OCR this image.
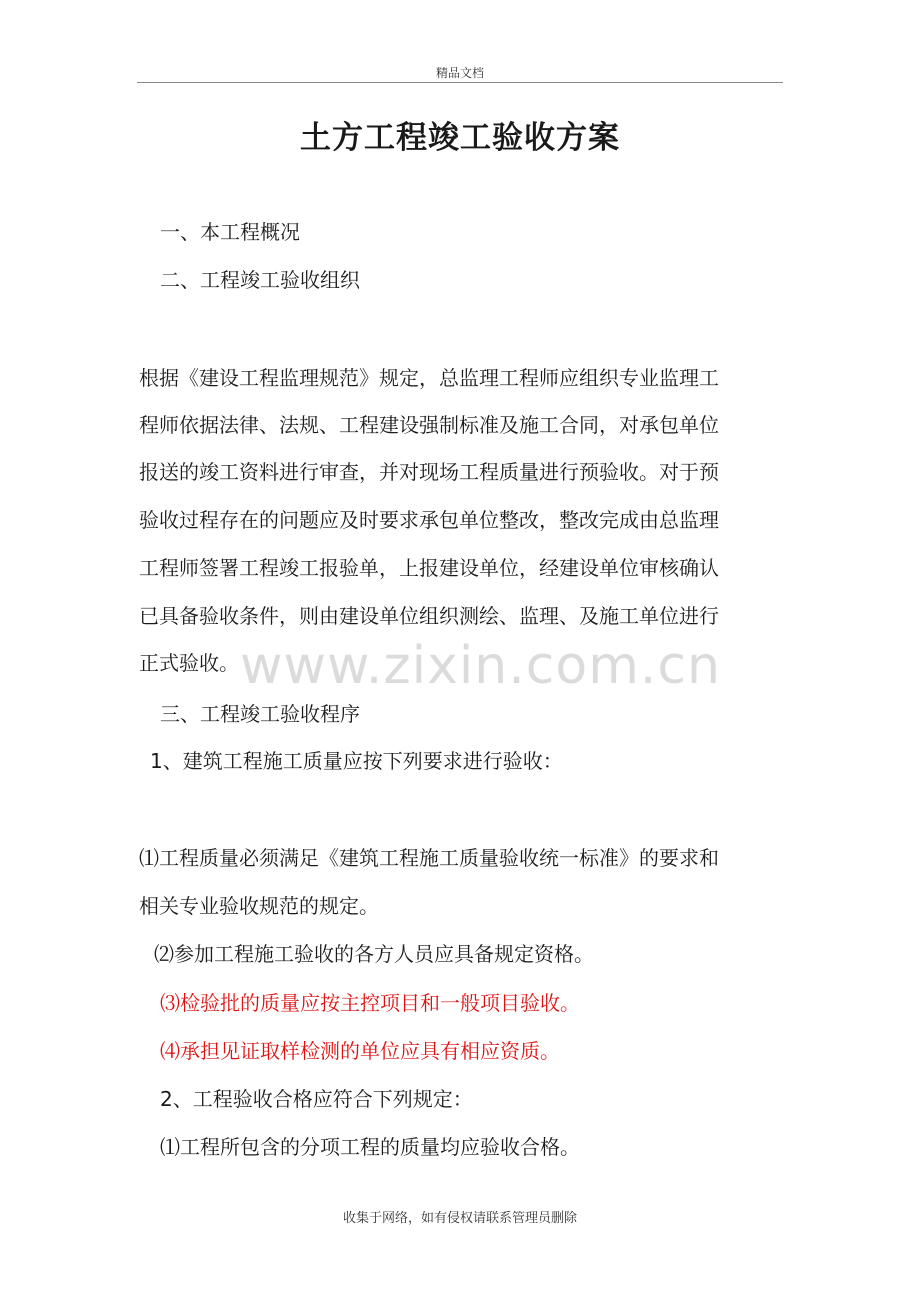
精品文档
土方工程竣工验收方案
一、本工程概况
二、工程竣工验收组织
根据《建设工程监理规范》规定，总监理工程师应组织专业监理工
程师依据法律、法规、工程建设强制标准及施工合同，对承包单位
报送的竣工资料进行审查，并对现场工程质量进行预验收。对于预
验收过程存在的问题应及时要求承包单位整改，整改完成由总监理
工程师签署工程竣工报验单，上报建设单位，经建设单位审核确认
已具备验收条件，则由建设单位组织测绘、监理、及施工单位进行
正式验收。
三、工程竣工验收程序
1、建筑工程施工质量应按下列要求进行验收：
⑴工程质量必须满足《建筑工程施工质量验收统一标准》的要求和
相关专业验收规范的规定。
⑵参加工程施工验收的各方人员应具备规定资格。
⑶检验批的质量应按主控项目和一般项目验收。
⑷承担见证取样检测的单位应具有相应资质。
2、工程验收合格应符合下列规定：
⑴工程所包含的分项工程的质量均应验收合格。
www.zixin.com.cn
收集于网络，如有侵权请联系管理员删除
